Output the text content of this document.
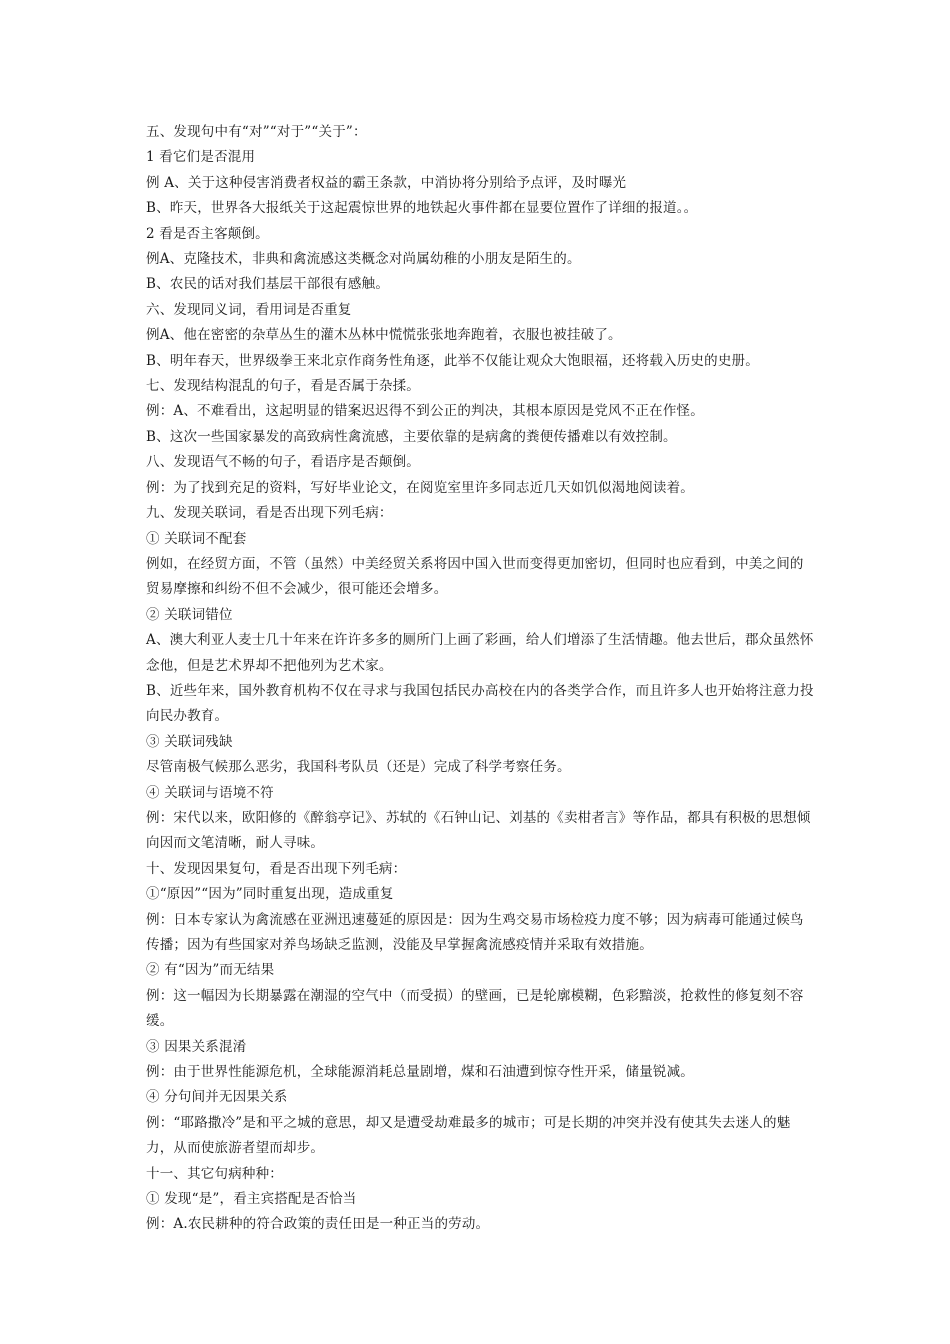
五、发现句中有“对”“对于”“关于”：

1 看它们是否混用

例 A、关于这种侵害消费者权益的霸王条款，中消协将分别给予点评，及时曝光

B、昨天，世界各大报纸关于这起震惊世界的地铁起火事件都在显要位置作了详细的报道。。

2 看是否主客颠倒。

例A、克隆技术，非典和禽流感这类概念对尚属幼稚的小朋友是陌生的。

B、农民的话对我们基层干部很有感触。

六、发现同义词，看用词是否重复

例A、他在密密的杂草丛生的灌木丛林中慌慌张张地奔跑着，衣服也被挂破了。

B、明年春天，世界级拳王来北京作商务性角逐，此举不仅能让观众大饱眼福，还将载入历史的史册。

七、发现结构混乱的句子，看是否属于杂揉。

例：A、不难看出，这起明显的错案迟迟得不到公正的判决，其根本原因是党风不正在作怪。

B、这次一些国家暴发的高致病性禽流感，主要依靠的是病禽的粪便传播难以有效控制。

八、发现语气不畅的句子，看语序是否颠倒。

例：为了找到充足的资料，写好毕业论文，在阅览室里许多同志近几天如饥似渴地阅读着。

九、发现关联词，看是否出现下列毛病：

① 关联词不配套

例如，在经贸方面，不管（虽然）中美经贸关系将因中国入世而变得更加密切，但同时也应看到，中美之间的贸易摩擦和纠纷不但不会减少，很可能还会增多。

② 关联词错位

A、澳大利亚人麦士几十年来在许许多多的厕所门上画了彩画，给人们增添了生活情趣。他去世后，郡众虽然怀念他，但是艺术界却不把他列为艺术家。

B、近些年来，国外教育机构不仅在寻求与我国包括民办高校在内的各类学合作，而且许多人也开始将注意力投向民办教育。

③ 关联词残缺

尽管南极气候那么恶劣，我国科考队员（还是）完成了科学考察任务。

④ 关联词与语境不符

例：宋代以来，欧阳修的《醉翁亭记》、苏轼的《石钟山记、刘基的《卖柑者言》等作品，都具有积极的思想倾向因而文笔清晰，耐人寻味。

十、发现因果复句，看是否出现下列毛病：

①“原因”“因为”同时重复出现，造成重复

例：日本专家认为禽流感在亚洲迅速蔓延的原因是：因为生鸡交易市场检疫力度不够；因为病毒可能通过候鸟传播；因为有些国家对养鸟场缺乏监测，没能及早掌握禽流感疫情并采取有效措施。

② 有“因为”而无结果

例：这一幅因为长期暴露在潮湿的空气中（而受损）的壁画，已是轮廓模糊，色彩黯淡，抢救性的修复刻不容缓。

③ 因果关系混淆

例：由于世界性能源危机，全球能源消耗总量剧增，煤和石油遭到惊夺性开采，储量锐减。

④ 分句间并无因果关系

例：“耶路撒冷”是和平之城的意思，却又是遭受劫难最多的城市；可是长期的冲突并没有使其失去迷人的魅力，从而使旅游者望而却步。

十一、其它句病种种：

① 发现“是”，看主宾搭配是否恰当

例：A.农民耕种的符合政策的责任田是一种正当的劳动。
